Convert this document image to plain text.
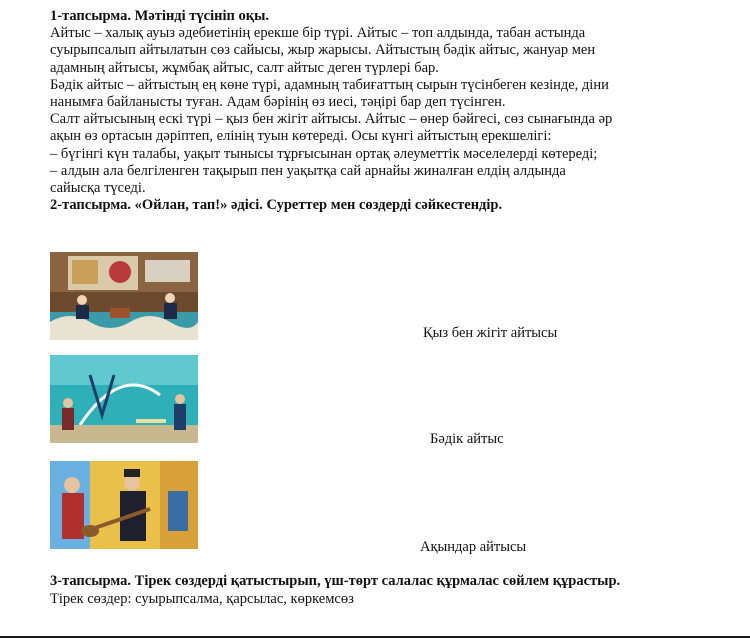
1-тапсырма. Мәтінді түсініп оқы.

Айтыс – халық ауыз әдебиетінің ерекше бір түрі. Айтыс – топ алдында, табан астында

суырыпсалып айтылатын сөз сайысы, жыр жарысы. Айтыстың бәдік айтыс, жануар мен

адамның айтысы, жұмбақ айтыс, салт айтыс деген түрлері бар.

Бәдік айтыс – айтыстың ең көне түрі, адамның табиғаттың сырын түсінбеген кезінде, діни

нанымға байланысты туған. Адам бәрінің өз иесі, тәңірі бар деп түсінген.

Салт айтысының ескі түрі – қыз бен жігіт айтысы. Айтыс – өнер бәйгесі, сөз сынағында әр

ақын өз ортасын дәріптеп, елінің туын көтереді. Осы күнгі айтыстың ерекшелігі:

– бүгінгі күн талабы, уақыт тынысы тұрғысынан ортақ әлеуметтік мәселелерді көтереді;

– алдын ала белгіленген тақырып пен уақытқа сай арнайы жиналған елдің алдында

сайысқа түседі.

2-тапсырма. «Ойлан, тап!» әдісі. Суреттер мен сөздерді сәйкестендір.

Қыз бен жігіт айтысы
Бәдік айтыс
Ақындар айтысы

3-тапсырма. Тірек сөздерді қатыстырып, үш-төрт салалас құрмалас сөйлем құрастыр.

Тірек сөздер: суырыпсалма, қарсылас, көркемсөз
